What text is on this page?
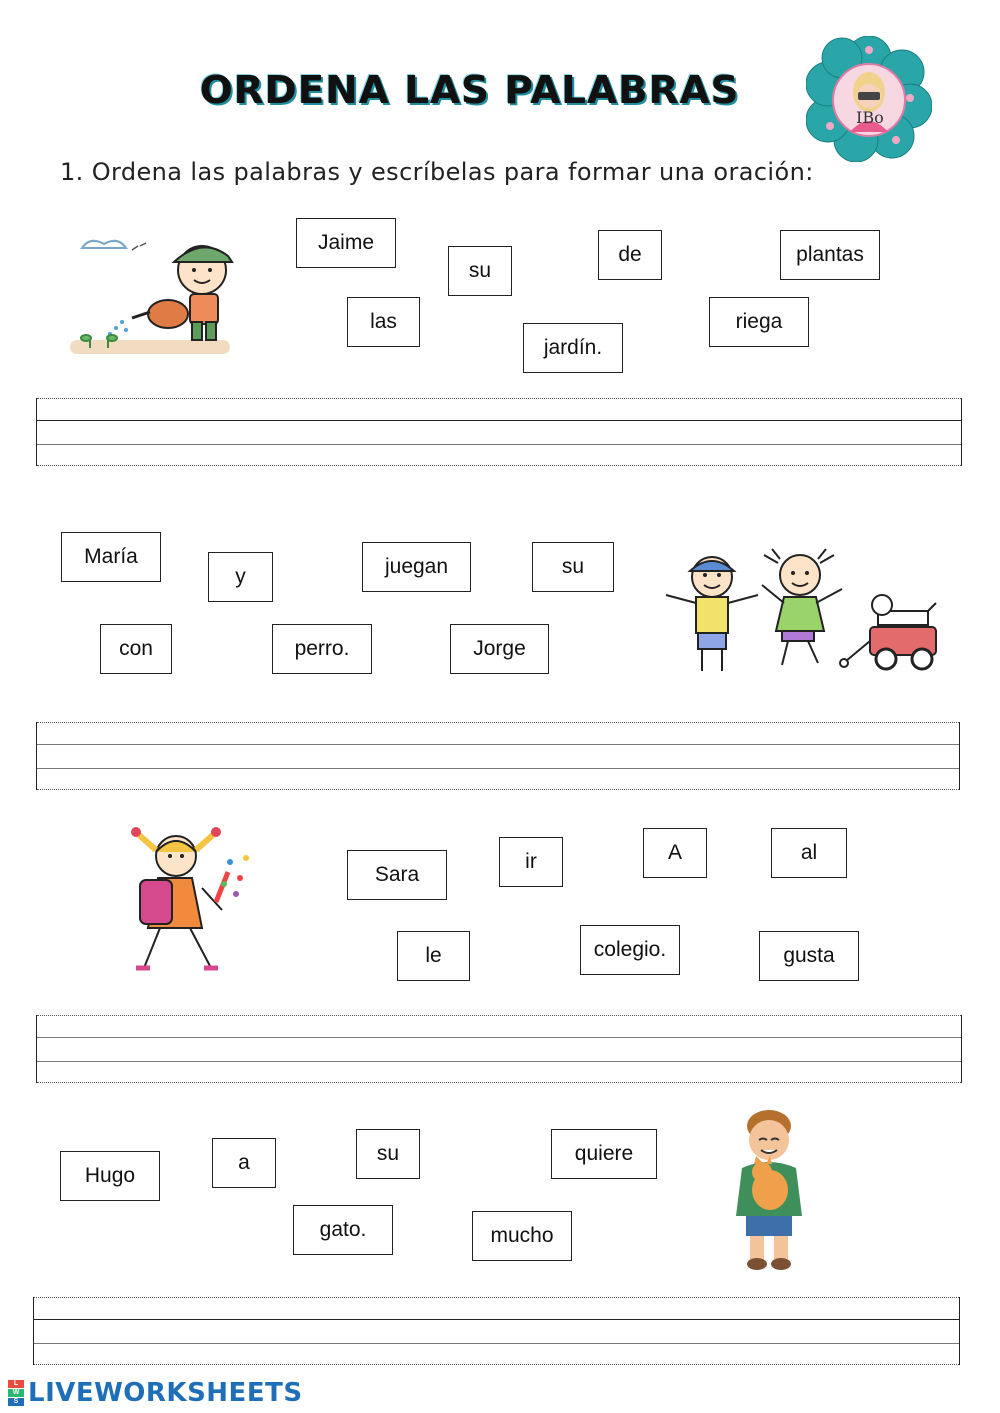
ORDENA LAS PALABRAS
IBo
1. Ordena las palabras y escríbelas para formar una oración:
Jaime
su
de	plantas
las
jardín.
riega
María
y	juegan	su
con	perro.	Jorge
Sara
ir	A	al
le	colegio.	gusta
Hugo
a	su	quiere
gato.	mucho
L
W
S LIVEWORKSHEETS
